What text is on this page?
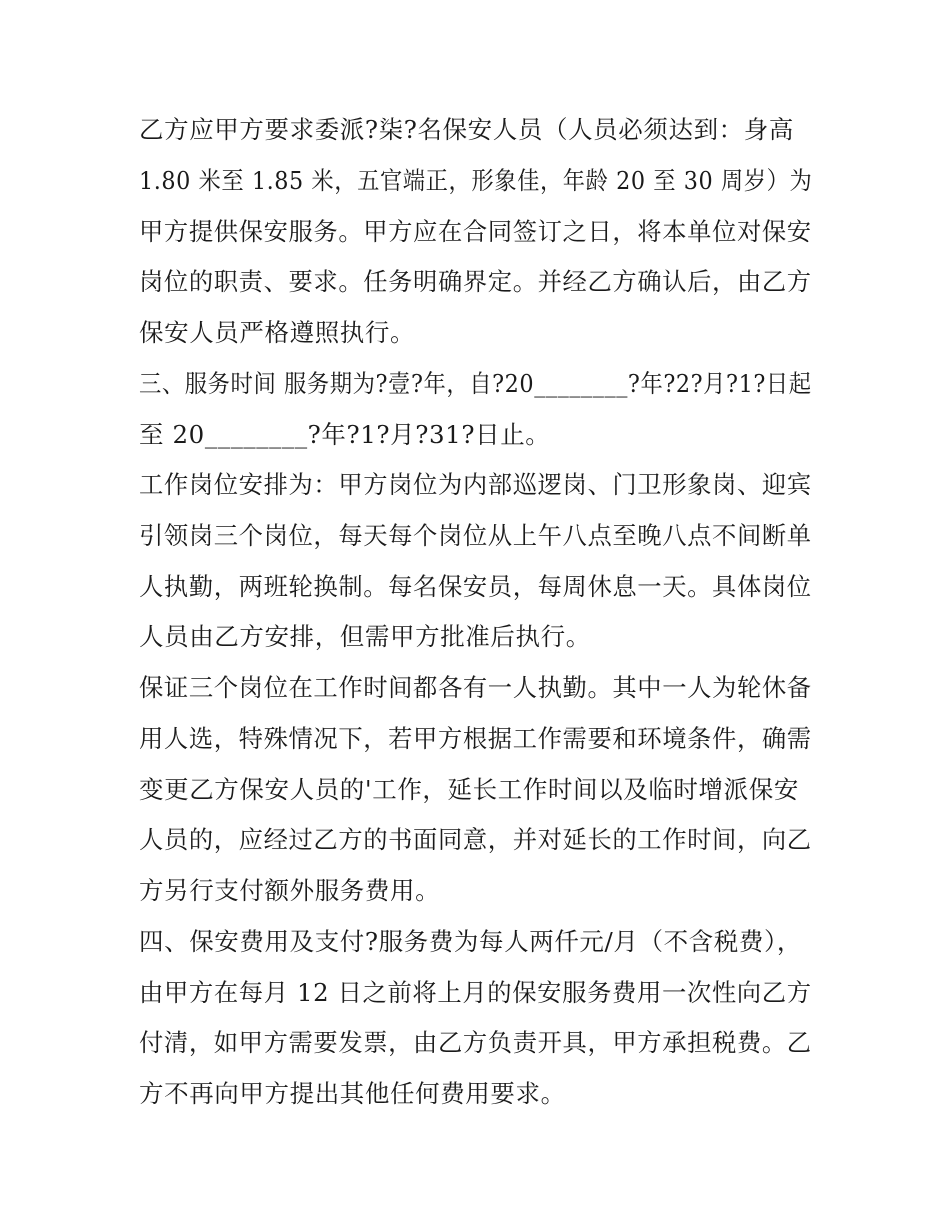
乙方应甲方要求委派?柒?名保安人员（人员必须达到：身高
1.80 米至 1.85 米，五官端正，形象佳，年龄 20 至 30 周岁）为
甲方提供保安服务。甲方应在合同签订之日，将本单位对保安
岗位的职责、要求。任务明确界定。并经乙方确认后，由乙方
保安人员严格遵照执行。
三、服务时间 服务期为?壹?年，自?20________?年?2?月?1?日起
至 20________?年?1?月?31?日止。
工作岗位安排为：甲方岗位为内部巡逻岗、门卫形象岗、迎宾
引领岗三个岗位，每天每个岗位从上午八点至晚八点不间断单
人执勤，两班轮换制。每名保安员，每周休息一天。具体岗位
人员由乙方安排，但需甲方批准后执行。
保证三个岗位在工作时间都各有一人执勤。其中一人为轮休备
用人选，特殊情况下，若甲方根据工作需要和环境条件，确需
变更乙方保安人员的'工作，延长工作时间以及临时增派保安
人员的，应经过乙方的书面同意，并对延长的工作时间，向乙
方另行支付额外服务费用。
四、保安费用及支付?服务费为每人两仟元/月（不含税费），
由甲方在每月 12 日之前将上月的保安服务费用一次性向乙方
付清，如甲方需要发票，由乙方负责开具，甲方承担税费。乙
方不再向甲方提出其他任何费用要求。
